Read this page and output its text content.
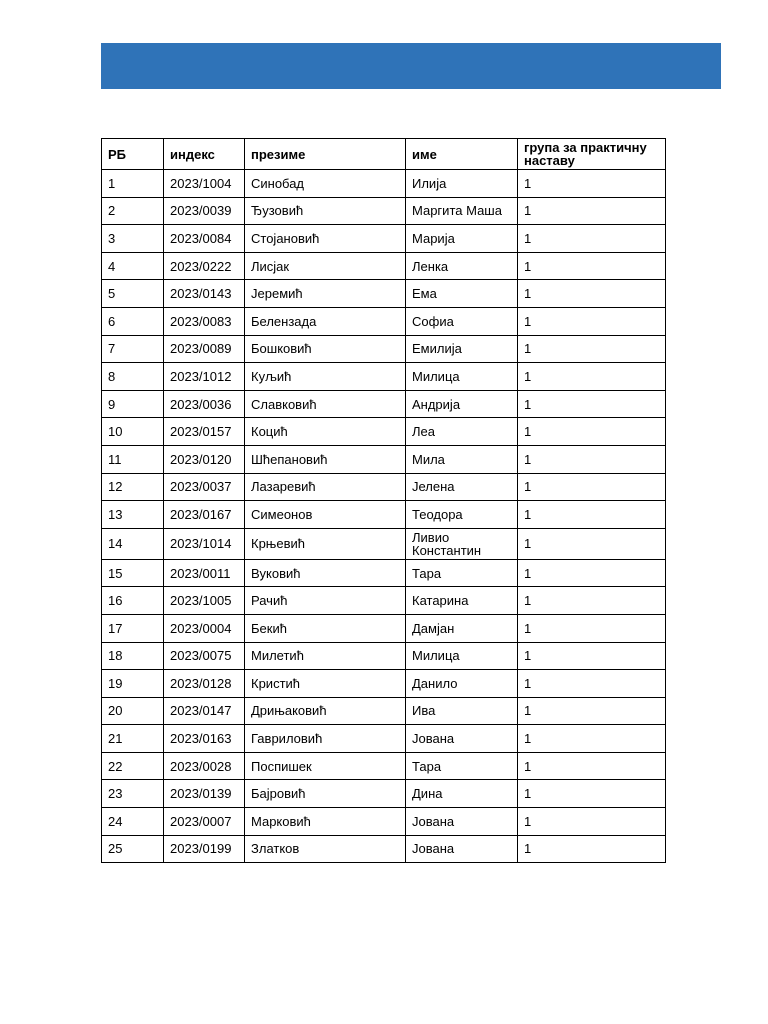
РБ	индекс	презиме	име	група за практичну наставу
1	2023/1004	Синобад	Илија	1
2	2023/0039	Ђузовић	Маргита Маша	1
3	2023/0084	Стојановић	Марија	1
4	2023/0222	Лисјак	Ленка	1
5	2023/0143	Јеремић	Ема	1
6	2023/0083	Белензада	Софиа	1
7	2023/0089	Бошковић	Емилија	1
8	2023/1012	Куљић	Милица	1
9	2023/0036	Славковић	Андрија	1
10	2023/0157	Коцић	Леа	1
11	2023/0120	Шћепановић	Мила	1
12	2023/0037	Лазаревић	Јелена	1
13	2023/0167	Симеонов	Теодора	1
14	2023/1014	Крњевић	Ливио Константин	1
15	2023/0011	Вуковић	Тара	1
16	2023/1005	Рачић	Катарина	1
17	2023/0004	Бекић	Дамјан	1
18	2023/0075	Милетић	Милица	1
19	2023/0128	Кристић	Данило	1
20	2023/0147	Дрињаковић	Ива	1
21	2023/0163	Гавриловић	Јована	1
22	2023/0028	Поспишек	Тара	1
23	2023/0139	Бајровић	Дина	1
24	2023/0007	Марковић	Јована	1
25	2023/0199	Златков	Јована	1
